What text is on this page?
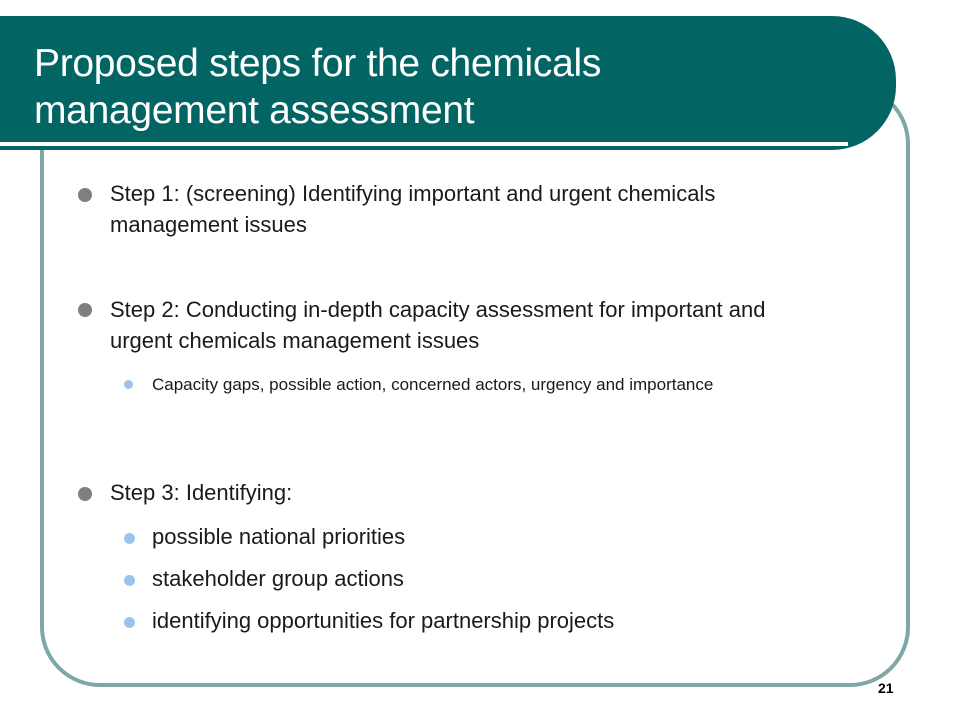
Proposed steps for the chemicals management assessment
Step 1: (screening) Identifying important and urgent chemicals management issues
Step 2: Conducting in-depth capacity assessment for important and urgent chemicals management issues
Capacity gaps, possible action, concerned actors, urgency and importance
Step 3: Identifying:
possible national priorities
stakeholder group actions
identifying opportunities for partnership projects
21
